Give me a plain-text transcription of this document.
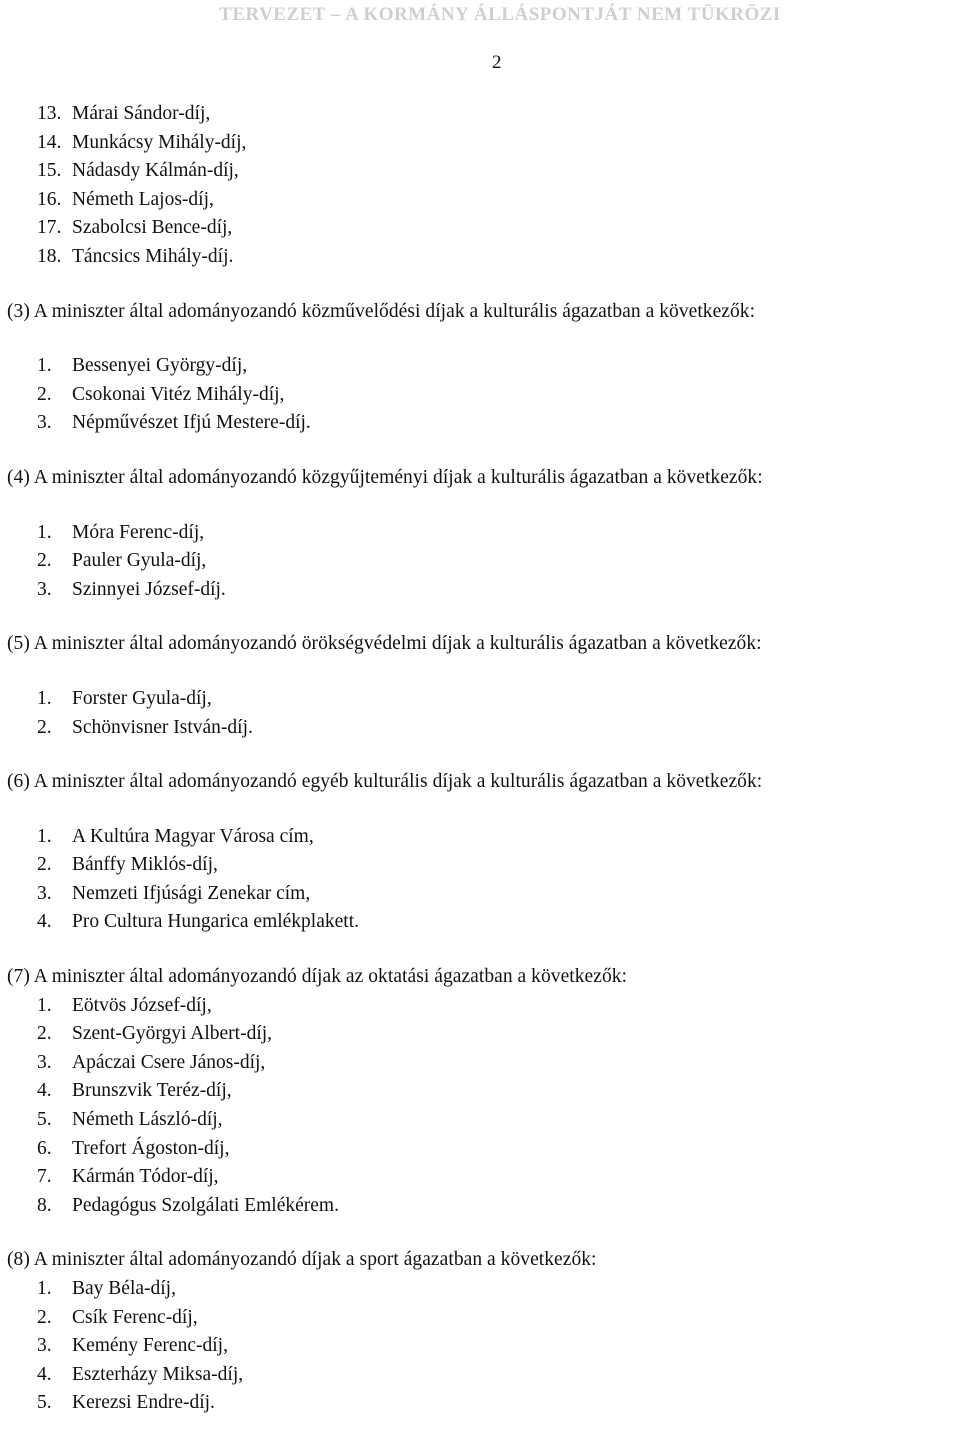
TERVEZET – A KORMÁNY ÁLLÁSPONTJÁT NEM TÜKRÖZI
2
13. Márai Sándor-díj,
14. Munkácsy Mihály-díj,
15. Nádasdy Kálmán-díj,
16. Németh Lajos-díj,
17. Szabolcsi Bence-díj,
18. Táncsics Mihály-díj.
(3) A miniszter által adományozandó közművelődési díjak a kulturális ágazatban a következők:
1.	Bessenyei György-díj,
2.	Csokonai Vitéz Mihály-díj,
3.	Népművészet Ifjú Mestere-díj.
(4) A miniszter által adományozandó közgyűjteményi díjak a kulturális ágazatban a következők:
1.	Móra Ferenc-díj,
2.	Pauler Gyula-díj,
3.	Szinnyei József-díj.
(5) A miniszter által adományozandó örökségvédelmi díjak a kulturális ágazatban a következők:
1.	Forster Gyula-díj,
2.	Schönvisner István-díj.
(6) A miniszter által adományozandó egyéb kulturális díjak a kulturális ágazatban a következők:
1.	A Kultúra Magyar Városa cím,
2.	Bánffy Miklós-díj,
3.	Nemzeti Ifjúsági Zenekar cím,
4.	Pro Cultura Hungarica emlékplakett.
(7) A miniszter által adományozandó díjak az oktatási ágazatban a következők:
1.	Eötvös József-díj,
2.	Szent-Györgyi Albert-díj,
3.	Apáczai Csere János-díj,
4.	Brunszvik Teréz-díj,
5.	Németh László-díj,
6.	Trefort Ágoston-díj,
7.	Kármán Tódor-díj,
8.	Pedagógus Szolgálati Emlékérem.
(8) A miniszter által adományozandó díjak a sport ágazatban a következők:
1.	Bay Béla-díj,
2.	Csík Ferenc-díj,
3.	Kemény Ferenc-díj,
4.	Eszterházy Miksa-díj,
5.	Kerezsi Endre-díj.
